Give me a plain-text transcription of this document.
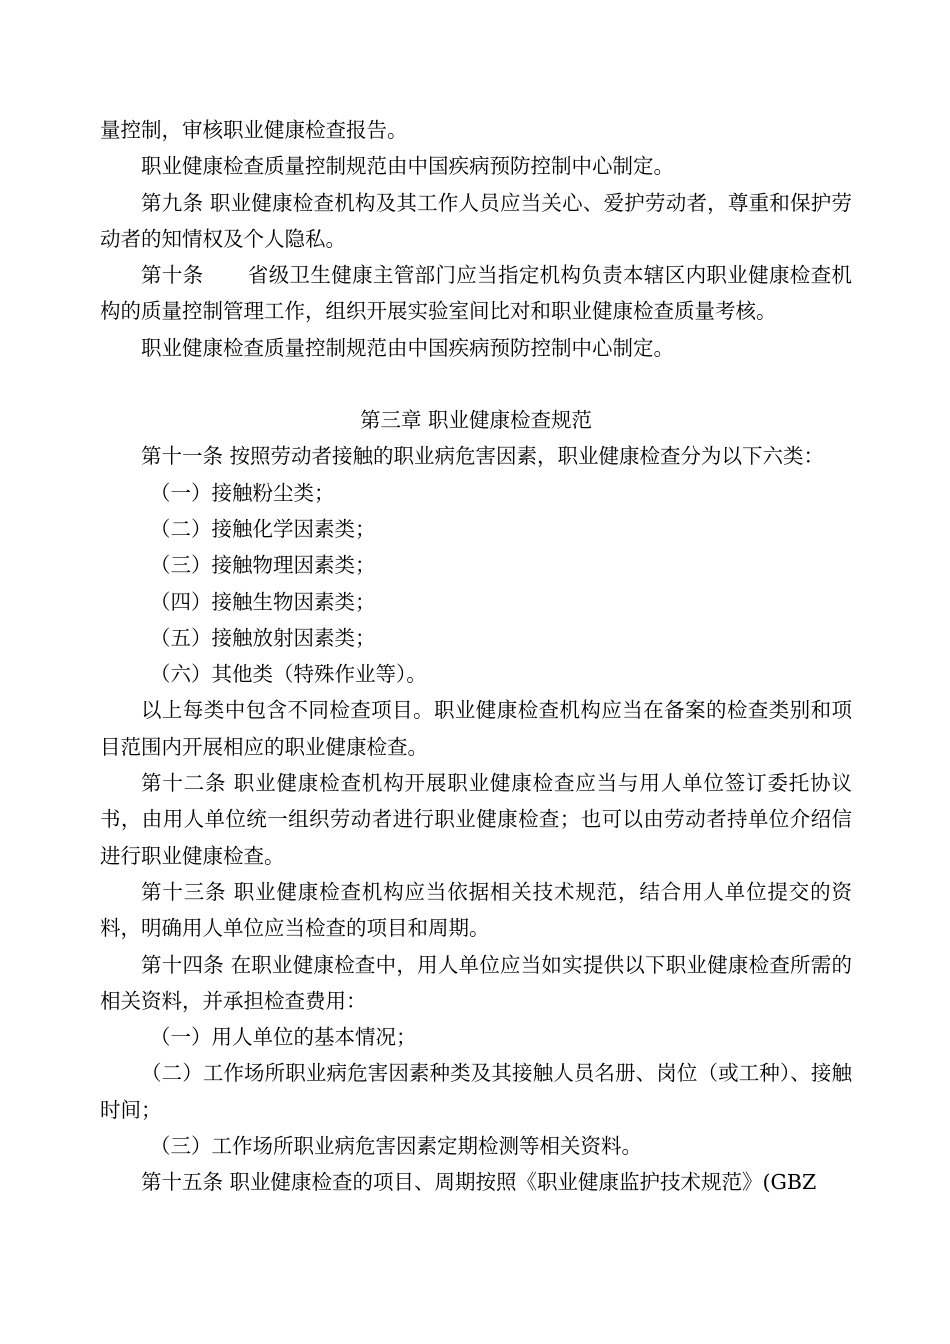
量控制，审核职业健康检查报告。

职业健康检查质量控制规范由中国疾病预防控制中心制定。

第九条 职业健康检查机构及其工作人员应当关心、爱护劳动者，尊重和保护劳动者的知情权及个人隐私。

第十条 省级卫生健康主管部门应当指定机构负责本辖区内职业健康检查机构的质量控制管理工作，组织开展实验室间比对和职业健康检查质量考核。

职业健康检查质量控制规范由中国疾病预防控制中心制定。

第三章 职业健康检查规范

第十一条 按照劳动者接触的职业病危害因素，职业健康检查分为以下六类：

（一）接触粉尘类；

（二）接触化学因素类；

（三）接触物理因素类；

（四）接触生物因素类；

（五）接触放射因素类；

（六）其他类（特殊作业等）。

以上每类中包含不同检查项目。职业健康检查机构应当在备案的检查类别和项目范围内开展相应的职业健康检查。

第十二条 职业健康检查机构开展职业健康检查应当与用人单位签订委托协议书，由用人单位统一组织劳动者进行职业健康检查；也可以由劳动者持单位介绍信进行职业健康检查。

第十三条 职业健康检查机构应当依据相关技术规范，结合用人单位提交的资料，明确用人单位应当检查的项目和周期。

第十四条 在职业健康检查中，用人单位应当如实提供以下职业健康检查所需的相关资料，并承担检查费用：

（一）用人单位的基本情况；

（二）工作场所职业病危害因素种类及其接触人员名册、岗位（或工种）、接触时间；

（三）工作场所职业病危害因素定期检测等相关资料。

第十五条 职业健康检查的项目、周期按照《职业健康监护技术规范》(GBZ
